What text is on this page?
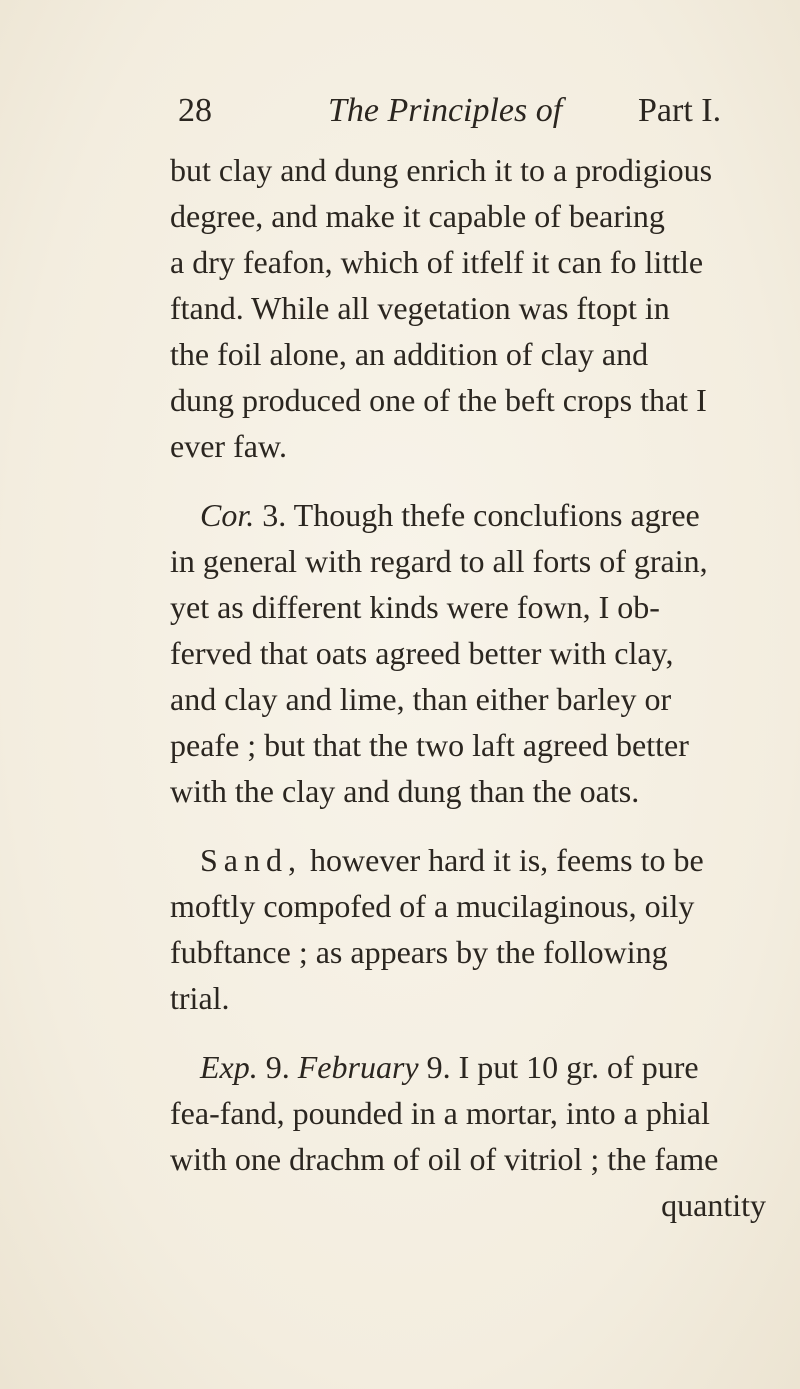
28	The Principles of Part I.
but clay and dung enrich it to a prodigious
degree, and make it capable of bearing
a dry feafon, which of itfelf it can fo little
ftand. While all vegetation was ftopt in
the foil alone, an addition of clay and
dung produced one of the beft crops that I
ever faw.
Cor. 3. Though thefe conclufions agree
in general with regard to all forts of grain,
yet as different kinds were fown, I ob-
ferved that oats agreed better with clay,
and clay and lime, than either barley or
peafe ; but that the two laft agreed better
with the clay and dung than the oats.
Sand, however hard it is, feems to be
moftly compofed of a mucilaginous, oily
fubftance ; as appears by the following
trial.
Exp. 9. February 9. I put 10 gr. of pure
fea-fand, pounded in a mortar, into a phial
with one drachm of oil of vitriol ; the fame
quantity
